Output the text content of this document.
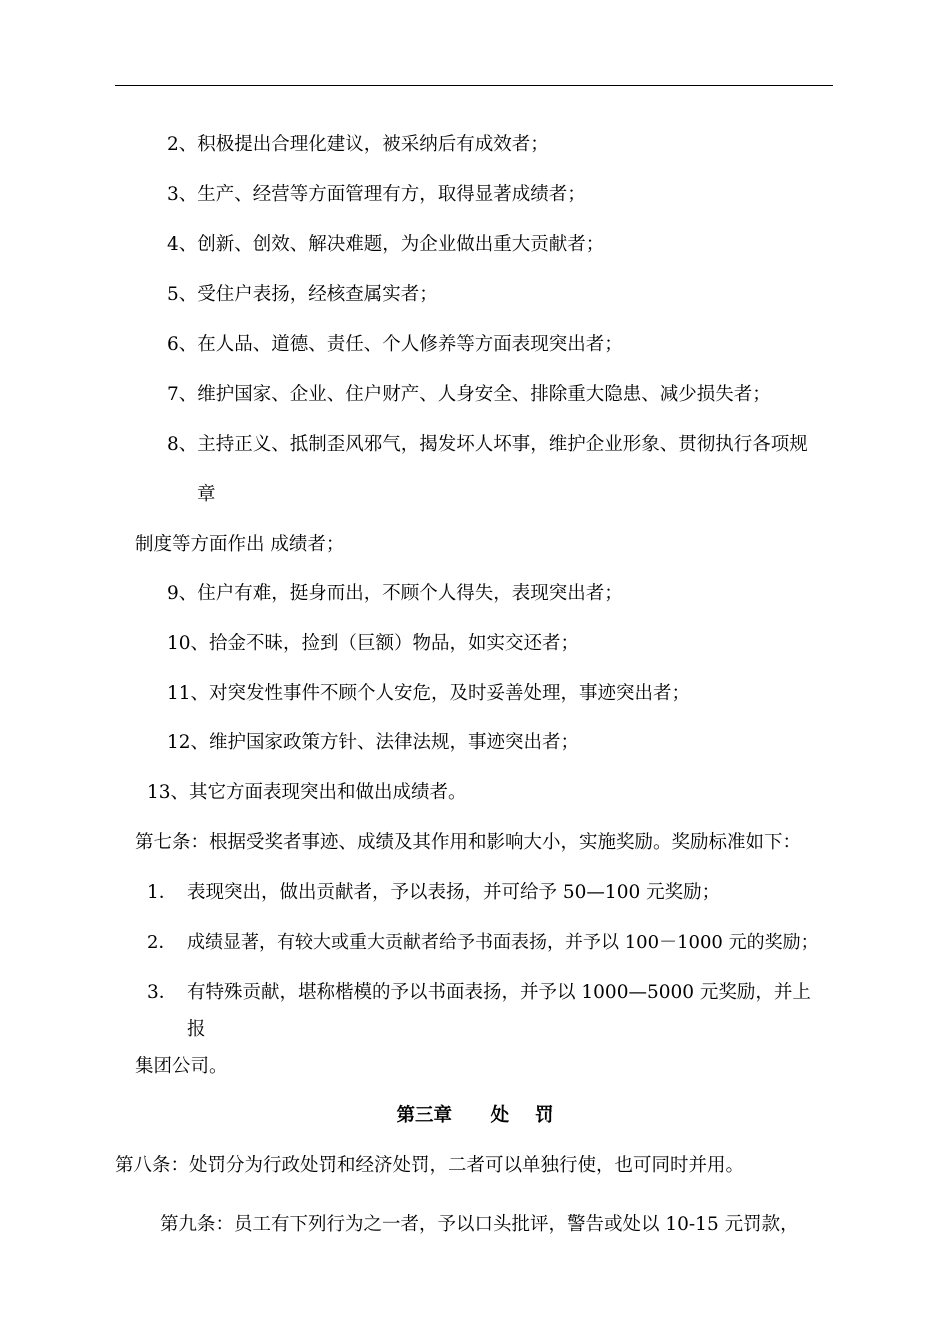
2、积极提出合理化建议，被采纳后有成效者；
3、生产、经营等方面管理有方，取得显著成绩者；
4、创新、创效、解决难题，为企业做出重大贡献者；
5、受住户表扬，经核查属实者；
6、在人品、道德、责任、个人修养等方面表现突出者；
7、维护国家、企业、住户财产、人身安全、排除重大隐患、减少损失者；
8、主持正义、抵制歪风邪气，揭发坏人坏事，维护企业形象、贯彻执行各项规
章
制度等方面作出 成绩者；
9、住户有难，挺身而出，不顾个人得失，表现突出者；
10、拾金不昧，捡到（巨额）物品，如实交还者；
11、对突发性事件不顾个人安危，及时妥善处理，事迹突出者；
12、维护国家政策方针、法律法规，事迹突出者；
13、其它方面表现突出和做出成绩者。
第七条：根据受奖者事迹、成绩及其作用和影响大小，实施奖励。奖励标准如下：
1． 表现突出，做出贡献者，予以表扬，并可给予 50—100 元奖励；
2． 成绩显著，有较大或重大贡献者给予书面表扬，并予以 100－1000 元的奖励；
3． 有特殊贡献，堪称楷模的予以书面表扬，并予以 1000—5000 元奖励，并上
报
集团公司。
第三章      处    罚
第八条：处罚分为行政处罚和经济处罚，二者可以单独行使，也可同时并用。
第九条：员工有下列行为之一者，予以口头批评，警告或处以 10-15 元罚款，
